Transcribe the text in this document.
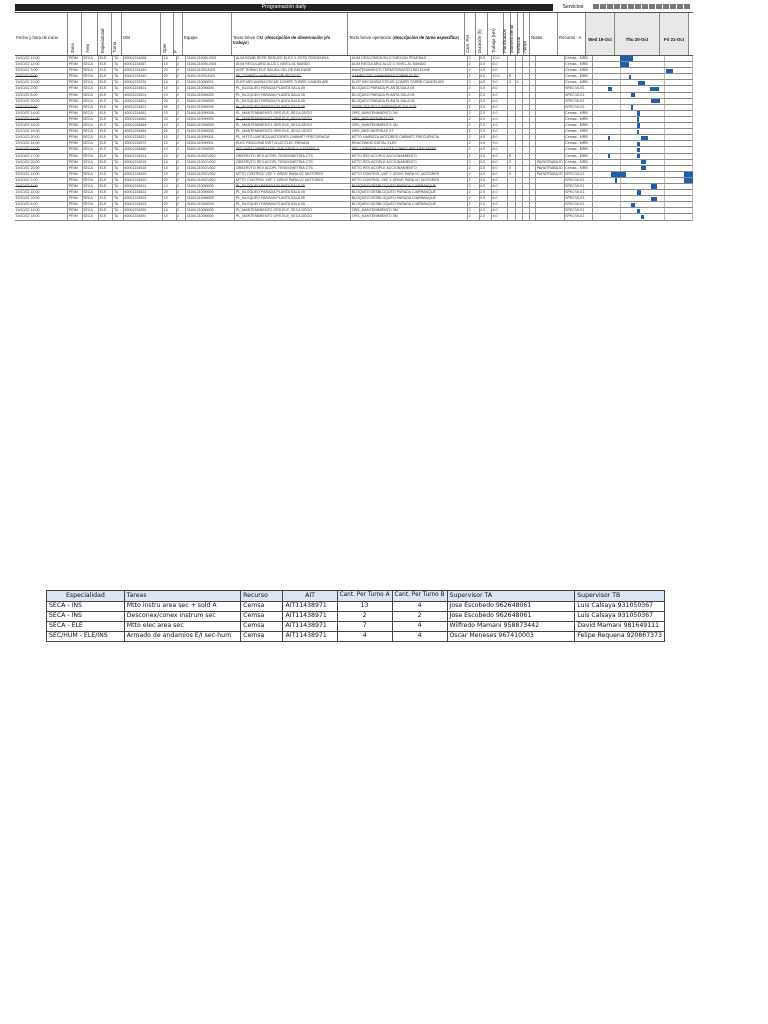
Programación daily	Servicios
Fecha y hora de inicio
Zona Área Especialidad Turno
OM
Oper P
Equipo	Texto breve OM (descripción de observación y/o trabajo)
Texto breve operación (descripción de tarea específica)	Cant. Per Duración (h) Trabajo (HH) Planificación Mantenimiento Reforzar Apoyo
Notas	Recurso - A	Wed 19-Oct	Thu 20-Oct	Fri 21-Oct
19/10/22 12:00	PRIM	SECA	ELE	TA	40001234568	10	2	3160L3100M-0001	ALIM BOMB REFR REDUCE ELEC X ESTB TENDENCIA	ALIM DESCONEXION CONEXION PRUEBAS	2	5.0	10.0	Cemsa - MRB
19/10/22 12:00	PRIM	SECA	ELE	TA	40001234567	10	2	3160L3100M-0001	ALIM REGULARIZ ALUZ C NIVEL AL MANDO	ALIM REGULARIZ ALUZ C NIVEL AL MANDO	2	3.0	6.0	Cemsa - MRB
19/10/22 3:00	PRIM	SECA	ELE	TA	40001234440	20	2	3160L3100CA001	INSP TERMO ELE SALIDA CEL DE BELDUNE	MANTENIMIENTO TERMOGRAFICO BELDUNE	2	4.5	9.0	Cemsa - MRB
19/10/22 5:00	PRIM	SECA	ELE	TA	40001234440	20	2	3160L3100CA001	PF_CAMBIO LUMINARIA GRUPO ELEC	CAMBIO DE LUMINARIAS TORRE ELEC	2	5.0	10.0	X	Cemsa - MRB
19/10/22 10:00	PRIM	SECA	ELE	TA	40001232234	10	2	3160L3100M001	ELEP MECANISM ESCUE COMPR TORRE CANDELARI	ELEP MECANISM ESCUE COMPR TORRE CANDELARI	2	4.5	9.0	X	X	Cemsa - MRB
19/10/22 2:00	PRIM	SECA	ELE	TA	40001234501	10	2	3160L3100M005	PL_BLOQUEO PARADA PLANTA SALA 05	BLOQUEO PARADA PLANTA SALA 05	2	4.0	8.0	SPECVILE1
19/10/22 8:00	PRIM	SECA	ELE	TA	40001234501	10	2	3160L3100M005	PL_BLOQUEO PARADA PLANTA SALA 05	BLOQUEO PARADA PLANTA SALA 05	2	2.0	4.0	SPECVILE1
19/10/22 20:00	PRIM	SECA	ELE	TA	40001234501	20	2	3160L3100M005	PL_BLOQUEO PARADA PLANTA SALA 05	BLOQUEO PARADA PLANTA SALA 05	2	3.0	6.0	SPECVILE1
19/10/22 5:00	PRIM	SECA	ELE	TA	40001234501	30	2	3160L3100M005	PL_BLOQUEO PARADA PLANTA SALA 05	DESBLOQUEO Y ARRANQUE SALA 05	2	3.0	6.0	SPECVILE1
19/10/22 14:00	PRIM	SECA	ELE	TA	40001234562	10	2	3160L3100M005	PL_MANTENIMIENTO ORS ELE_SECA DEGO	ORS_MANTENIMIENTO 3M	2	2.0	4.0	Cemsa - MRB
19/10/22 14:00	PRIM	SECA	ELE	TA	40001234562	20	2	3160L3100M005	PL_MANTENIMIENTO ORS ELE_SECA DEGO	ORS_MED BATERIAS ST	2	2.0	4.0	Cemsa - MRB
19/10/22 18:00	PRIM	SECA	ELE	TA	40001234564	10	2	3160L3100M005	PL_MANTENIMIENTO ORS ELE_SECA DEGO	ORS_MANTENIMIENTO 3M	2	2.0	4.0	Cemsa - MRB
19/10/22 18:00	PRIM	SECA	ELE	TA	40001234564	20	2	3160L3100M005	PL_MANTENIMIENTO ORS ELE_SECA DEGO	ORS_MED BATERIAS ST	2	2.0	4.0	Cemsa - MRB
19/10/22 20:00	PRIM	SECA	ELE	TA	40001234521	10	2	3160L3100M001	PL_MTTO LIMPIEZA MOTORES CABINET FRECUENCIA	MTTO LIMPIEZA MOTORES CABINET FRECUENCIA	2	4.0	8.0	Cemsa - MRB
19/10/22 14:00	PRIM	SECA	ELE	TA	40001234570	10	2	3160L3100M001	ELEC REACOND INST ALUZ ELEC PARADA	REACONDIC INSTAL ELEC	2	4.5	9.0	Cemsa - MRB
19/10/22 14:00	PRIM	SECA	ELE	TA	40001234560	10	2	3160L3100M005	SEC INST LIMPIEZA DE TABLEROS Y AJUSTES C	SEC LIMPIEZA Y AJUSTE CONEX RECTIFICADOR	2	4.0	8.0	Cemsa - MRB
19/10/22 17:00	PRIM	SECA	ELE	TA	40001234514	10	2	3160L3100CV002	OBSERVTO REV ACOPL TENSIOMETRIA CTS	MTTO REV ACOPLE ACCIONAMIENTO	2	3.0	6.0	X	Cemsa - MRB
19/10/22 20:00	PRIM	SECA	ELE	TA	40001234515	10	2	3160L3100CV002	OBSERVTO REV ACOPL TENSIOMETRIA CTS	MTTO REV ACOPLE ACCIONAMIENTO	2	3.0	6.0	X	PARATRABAJO Cemsa - MRB
19/10/22 20:00	PRIM	SECA	ELE	TA	40001234516	10	2	3160L3100CV002	OBSERVTO REV ACOPL TENSIOMETRIA CTS	MTTO REV ACOPLE ACCIONAMIENTO	2	3.0	6.0	X	PARATRABAJO Cemsa - MRB
19/10/22 14:00	PRIM	SECA	ELE	TA	40001234520	10	2	3160L3100CV002	MTTO CONTROL VDF Y DRIVE PARA VC MOTORES	MTTO CONTROL VDF Y DRIVE PARA VC MOTORES	2	4.0	8.0	X	PARATRABAJO SPECVILE1
19/10/22 2:00	PRIM	SECA	ELE	TA	40001234520	20	2	3160L3100CV002	MTTO CONTROL VDF Y DRIVE PARA VC MOTORES	MTTO CONTROL VDF Y DRIVE PARA VC MOTORES	2	3.0	6.0	SPECVILE1
19/10/22 6:00	PRIM	SECA	ELE	TA	40001234522	10	2	3160L3100M005	PL_BLOQUEO PARADA PLANTA SALA 05	BLOQUEO DESBLOQUEO PARADA C/ARRANQUE	2	4.0	8.0	SPECVILE1
19/10/22 14:00	PRIM	SECA	ELE	TA	40001234522	20	2	3160L3100M005	PL_BLOQUEO PARADA PLANTA SALA 05	BLOQUEO DESBLOQUEO PARADA C/ARRANQUE	2	2.0	4.0	SPECVILE1
19/10/22 20:00	PRIM	SECA	ELE	TA	40001234523	10	2	3160L3100M005	PL_BLOQUEO PARADA PLANTA SALA 05	BLOQUEO DESBLOQUEO PARADA C/ARRANQUE	2	3.0	6.0	SPECVILE1
19/10/22 8:00	PRIM	SECA	ELE	TA	40001234523	20	2	3160L3100M005	PL_BLOQUEO PARADA PLANTA SALA 05	BLOQUEO DESBLOQUEO PARADA C/ARRANQUE	2	2.0	4.0	SPECVILE1
19/10/22 14:00	PRIM	SECA	ELE	TA	40001234590	10	2	3160L3100M005	PL_MANTENIMIENTO ORS ELE_SECA DEGO	ORS_MANTENIMIENTO 3M	2	2.0	4.0	SPECVILE1
19/10/22 18:00	PRIM	SECA	ELE	TA	40001234591	10	2	3160L3100M005	PL_MANTENIMIENTO ORS ELE_SECA DEGO	ORS_MANTENIMIENTO 3M	2	2.0	4.0	SPECVILE1
Especialidad	Tareas	Recurso	AIT	Cant. Per Turno A	Cant. Per Turno B	Supervisor TA	Supervisor TB
SECA - INS	Mtto instru area sec + sold A	Cemsa	AIT11438971	13	4	Jose Escobedo 962648061	Luis Calsaya 931050367
SECA - INS	Desconex/conex instrum sec	Cemsa	AIT11438971	2	2	Jose Escobedo 962648061	Luis Calsaya 931050367
SECA - ELE	Mtto elec area sec	Cemsa	AIT11438971	7	4	Wilfredo Mamani 958873442	David Mamani 981649111
SEC/HUM - ELE/INS	Armado de andamios E/I sec-hum	Cemsa	AIT11438971	4	4	Oscar Meneses 967410003	Felipe Requena 920867373
